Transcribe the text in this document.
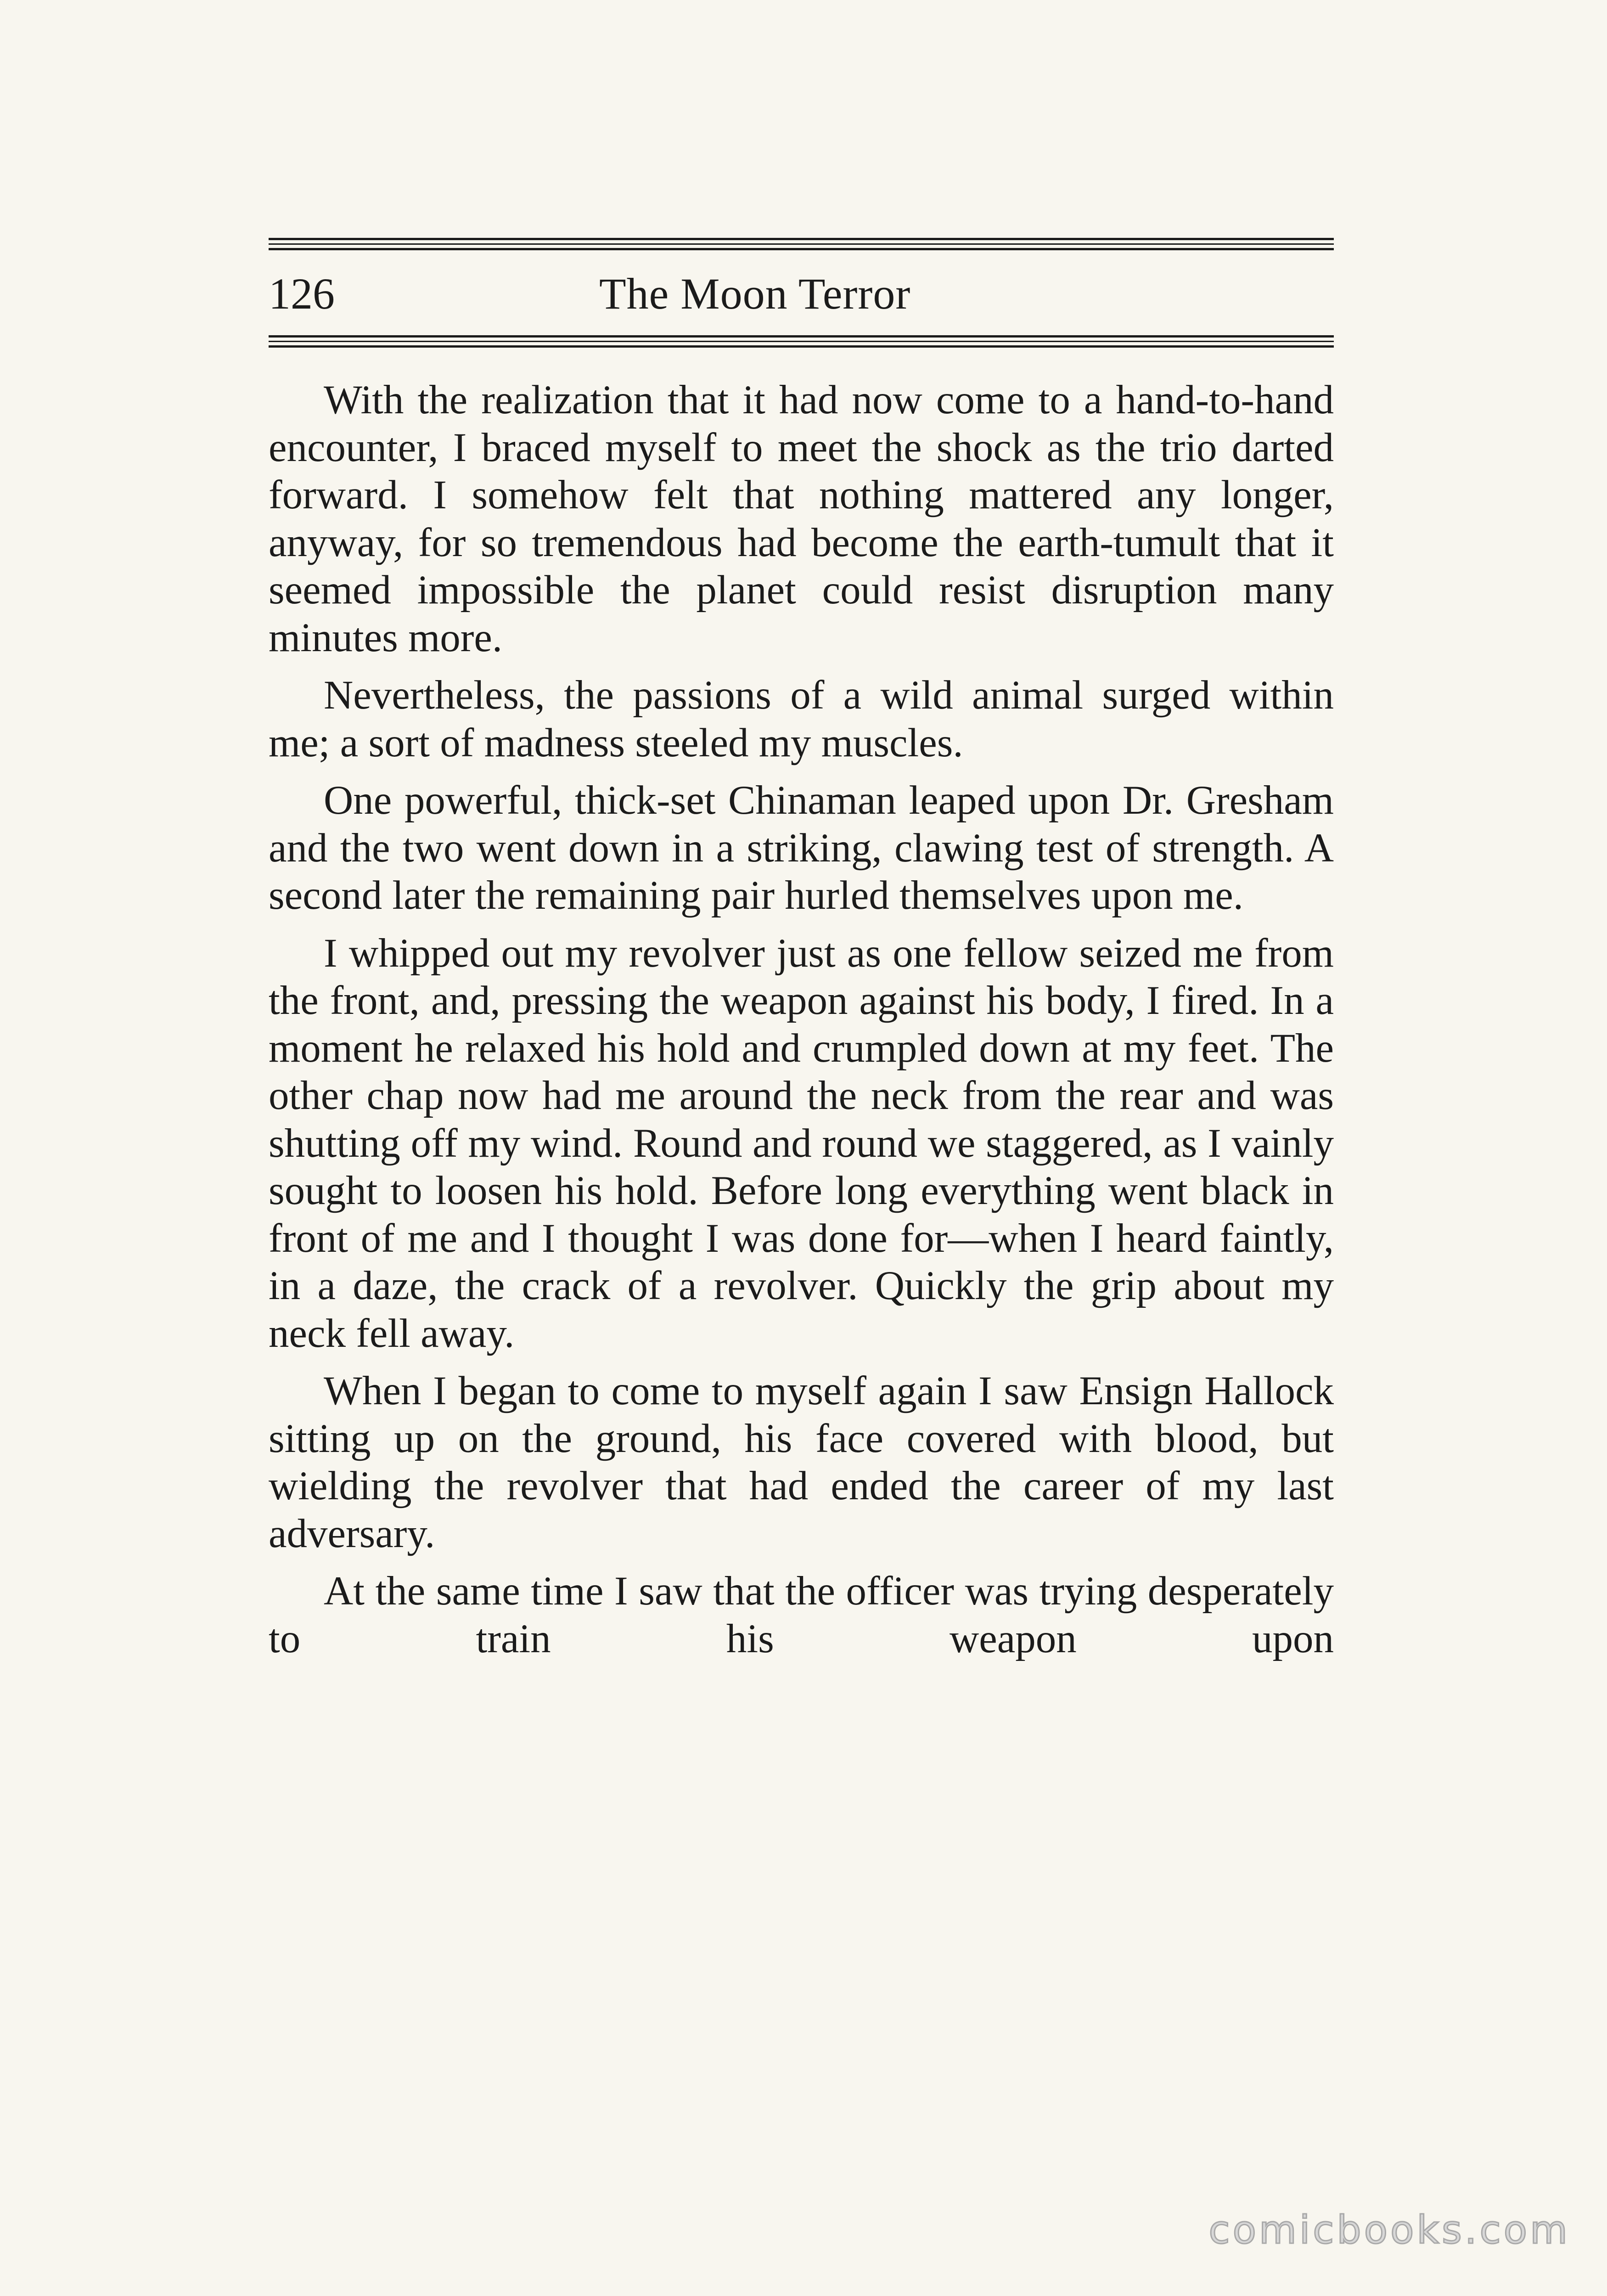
126	The Moon Terror

With the realization that it had now come to a hand-to-hand encounter, I braced myself to meet the shock as the trio darted forward. I somehow felt that nothing mattered any longer, anyway, for so tremendous had become the earth-tumult that it seemed impossible the planet could resist disruption many minutes more.

Nevertheless, the passions of a wild animal surged within me; a sort of madness steeled my muscles.

One powerful, thick-set Chinaman leaped upon Dr. Gresham and the two went down in a striking, clawing test of strength. A second later the remaining pair hurled themselves upon me.

I whipped out my revolver just as one fellow seized me from the front, and, pressing the weapon against his body, I fired. In a moment he relaxed his hold and crumpled down at my feet. The other chap now had me around the neck from the rear and was shutting off my wind. Round and round we staggered, as I vainly sought to loosen his hold. Before long everything went black in front of me and I thought I was done for—when I heard faintly, in a daze, the crack of a revolver. Quickly the grip about my neck fell away.

When I began to come to myself again I saw Ensign Hallock sitting up on the ground, his face covered with blood, but wielding the revolver that had ended the career of my last adversary.

At the same time I saw that the officer was trying desperately to train his weapon upon

comicbooks.com
